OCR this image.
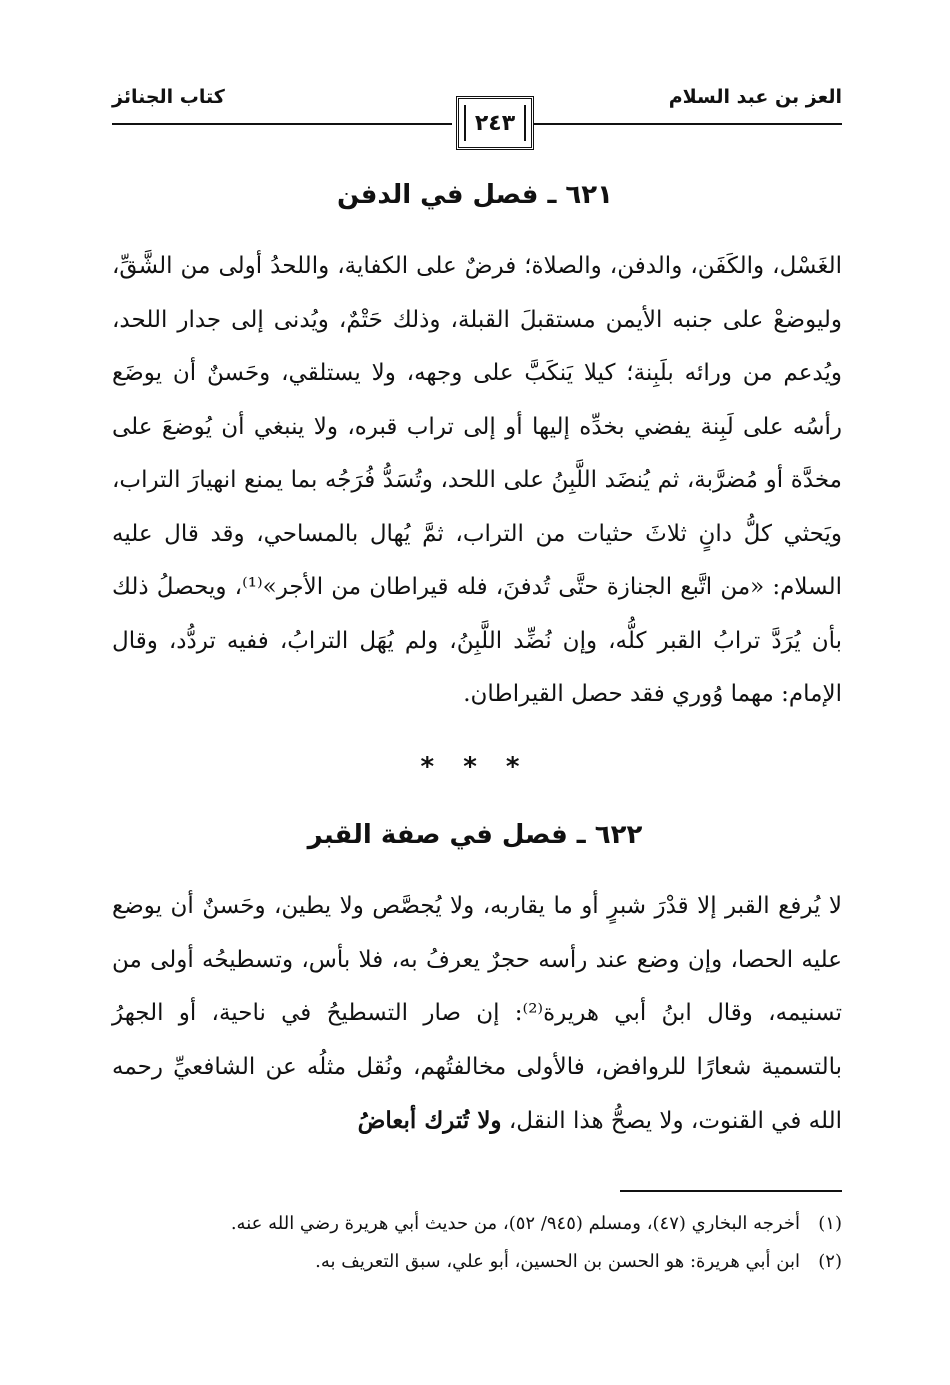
العز بن عبد السلام
كتاب الجنائز
٢٤٣
٦٢١ ـ فصل في الدفن

الغَسْل، والكَفَن، والدفن، والصلاة؛ فرضٌ على الكفاية، واللحدُ أولى من الشَّقِّ، وليوضعْ على جنبه الأيمن مستقبلَ القبلة، وذلك حَتْمٌ، ويُدنى إلى جدار اللحد، ويُدعم من ورائه بلَبِنة؛ كيلا يَنكَبَّ على وجهه، ولا يستلقي، وحَسنٌ أن يوضَع رأسُه على لَبِنة يفضي بخدِّه إليها أو إلى تراب قبره، ولا ينبغي أن يُوضعَ على مخدَّة أو مُضرَّبة، ثم يُنضَد اللَّبِنُ على اللحد، وتُسَدُّ فُرَجُه بما يمنع انهيارَ التراب، ويَحثي كلُّ دانٍ ثلاثَ حثيات من التراب، ثمَّ يُهال بالمساحي، وقد قال عليه السلام: «من اتَّبع الجنازة حتَّى تُدفنَ، فله قيراطان من الأجر»⁽¹⁾، ويحصلُ ذلك بأن يُرَدَّ ترابُ القبر كلُّه، وإن نُضِّد اللَّبِنُ، ولم يُهَل الترابُ، ففيه تردُّد، وقال الإمام: مهما وُوري فقد حصل القيراطان.

* * *
٦٢٢ ـ فصل في صفة القبر

لا يُرفع القبر إلا قدْرَ شبرٍ أو ما يقاربه، ولا يُجصَّص ولا يطين، وحَسنٌ أن يوضع عليه الحصا، وإن وضع عند رأسه حجرٌ يعرفُ به، فلا بأس، وتسطيحُه أولى من تسنيمه، وقال ابنُ أبي هريرة⁽²⁾: إن صار التسطيحُ في ناحية، أو الجهرُ بالتسمية شعارًا للروافض، فالأولى مخالفتُهم، ونُقل مثلُه عن الشافعيِّ رحمه الله في القنوت، ولا يصحُّ هذا النقل، ولا تُترك أبعاضُ

(١)أخرجه البخاري (٤٧)، ومسلم (٩٤٥/ ٥٢)، من حديث أبي هريرة رضي الله عنه.
(٢)ابن أبي هريرة: هو الحسن بن الحسين، أبو علي، سبق التعريف به.
